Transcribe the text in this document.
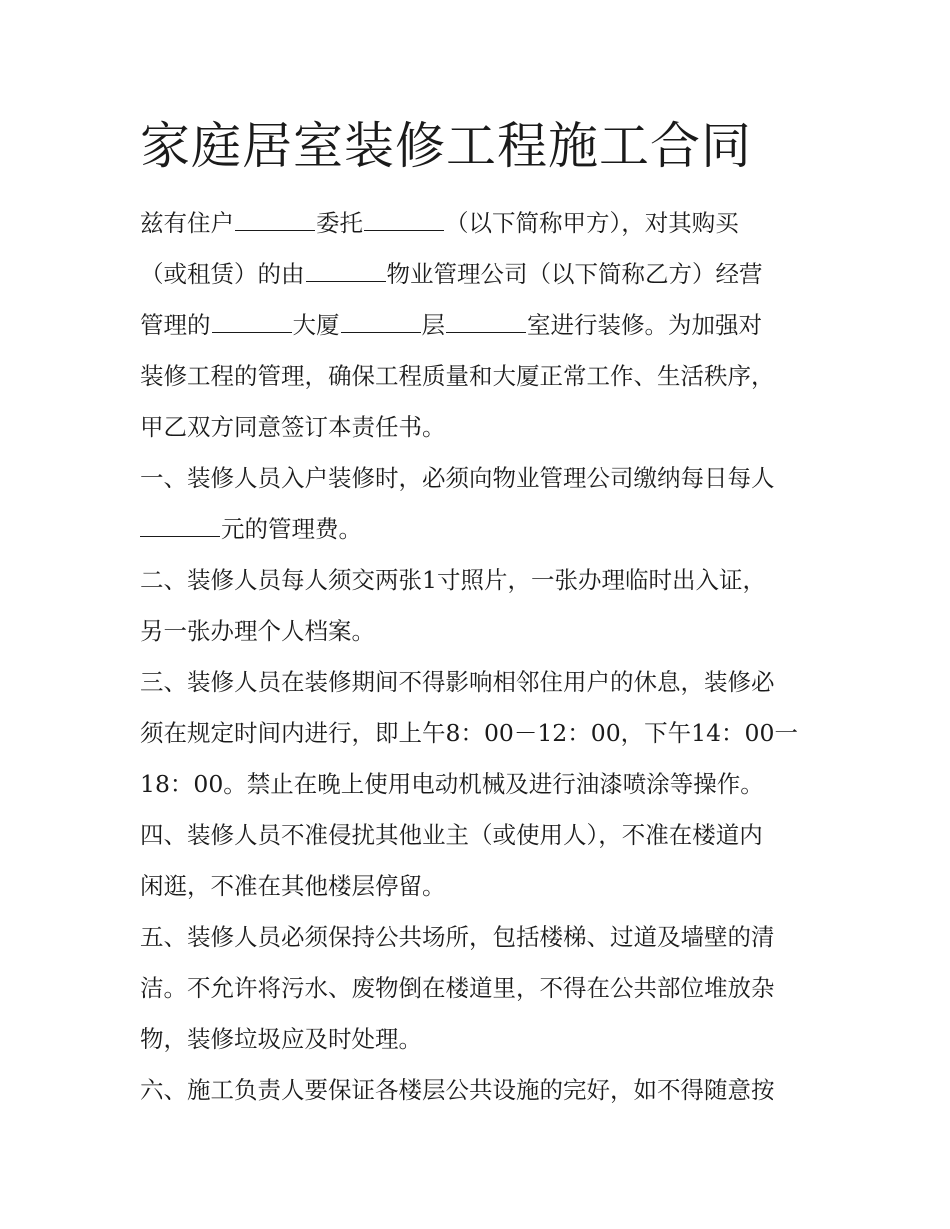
家庭居室装修工程施工合同
兹有住户	委托	（以下简称甲方），对其购买
（或租赁）的由	物业管理公司（以下简称乙方）经营
管理的	大厦	层	室进行装修。为加强对
装修工程的管理，确保工程质量和大厦正常工作、生活秩序，
甲乙双方同意签订本责任书。
一、装修人员入户装修时，必须向物业管理公司缴纳每日每人
元的管理费。
二、装修人员每人须交两张1寸照片，一张办理临时出入证，
另一张办理个人档案。
三、装修人员在装修期间不得影响相邻住用户的休息，装修必
须在规定时间内进行，即上午8：00－12：00，下午14：00一
18：00。禁止在晚上使用电动机械及进行油漆喷涂等操作。
四、装修人员不准侵扰其他业主（或使用人），不准在楼道内
闲逛，不准在其他楼层停留。
五、装修人员必须保持公共场所，包括楼梯、过道及墙壁的清
洁。不允许将污水、废物倒在楼道里，不得在公共部位堆放杂
物，装修垃圾应及时处理。
六、施工负责人要保证各楼层公共设施的完好，如不得随意按
